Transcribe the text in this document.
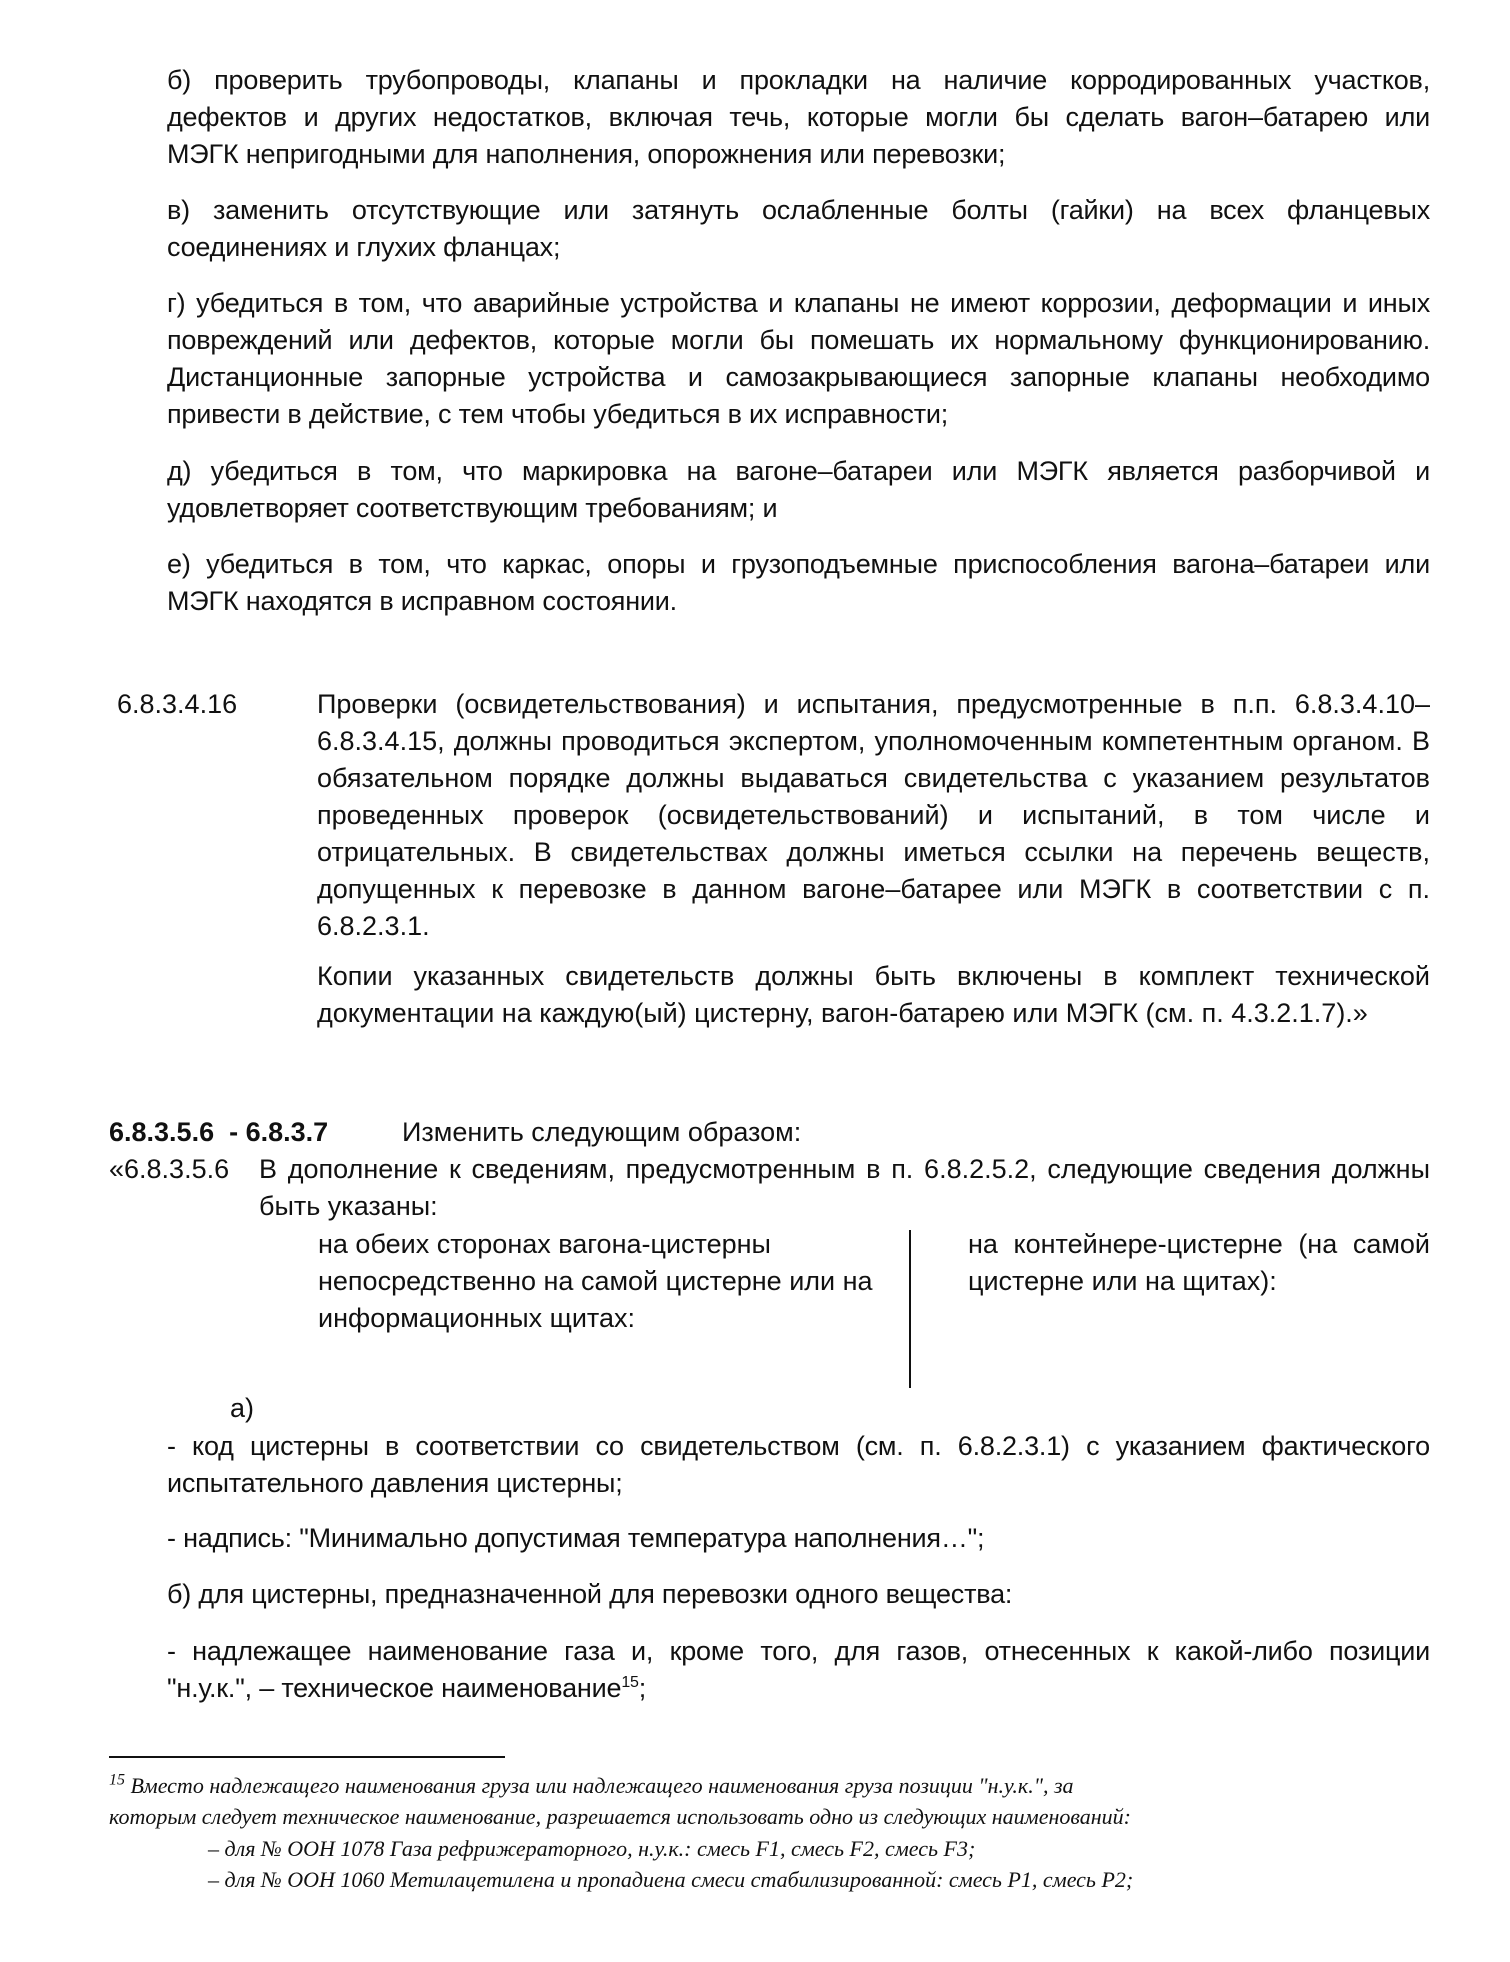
б) проверить трубопроводы, клапаны и прокладки на наличие корродированных участков,
дефектов и других недостатков, включая течь, которые могли бы сделать вагон–батарею или
МЭГК непригодными для наполнения, опорожнения или перевозки;
в) заменить отсутствующие или затянуть ослабленные болты (гайки) на всех фланцевых
соединениях и глухих фланцах;
г) убедиться в том, что аварийные устройства и клапаны не имеют коррозии, деформации и иных
повреждений или дефектов, которые могли бы помешать их нормальному функционированию.
Дистанционные запорные устройства и самозакрывающиеся запорные клапаны необходимо
привести в действие, с тем чтобы убедиться в их исправности;
д) убедиться в том, что маркировка на вагоне–батареи или МЭГК является разборчивой и
удовлетворяет соответствующим требованиям; и
е) убедиться в том, что каркас, опоры и грузоподъемные приспособления вагона–батареи или
МЭГК находятся в исправном состоянии.
6.8.3.4.16	Проверки (освидетельствования) и испытания, предусмотренные в п.п. 6.8.3.4.10–
6.8.3.4.15, должны проводиться экспертом, уполномоченным компетентным органом. В
обязательном порядке должны выдаваться свидетельства с указанием результатов
проведенных проверок (освидетельствований) и испытаний, в том числе и
отрицательных. В свидетельствах должны иметься ссылки на перечень веществ,
допущенных к перевозке в данном вагоне–батарее или МЭГК в соответствии с п.
6.8.2.3.1.
Копии указанных свидетельств должны быть включены в комплект технической
документации на каждую(ый) цистерну, вагон-батарею или МЭГК (см. п. 4.3.2.1.7).»
6.8.3.5.6  - 6.8.3.7	Изменить следующим образом:
«6.8.3.5.6 В дополнение к сведениям, предусмотренным в п. 6.8.2.5.2, следующие сведения должны
быть указаны:
на обеих сторонах вагона-цистерны
непосредственно на самой цистерне или на
информационных щитах:
на контейнере-цистерне (на самой
цистерне или на щитах):
а)
- код цистерны в соответствии со свидетельством (см. п. 6.8.2.3.1) с указанием фактического
испытательного давления цистерны;
- надпись: "Минимально допустимая температура наполнения…";
б) для цистерны, предназначенной для перевозки одного вещества:
- надлежащее наименование газа и, кроме того, для газов, отнесенных к какой-либо позиции
"н.у.к.", – техническое наименование$^{15}$;
$^{15}$ Вместо надлежащего наименования груза или надлежащего наименования груза позиции "н.у.к.", за
которым следует техническое наименование, разрешается использовать одно из следующих наименований:
– для № ООН 1078 Газа рефрижераторного, н.у.к.: смесь F1, смесь F2, смесь F3;
– для № ООН 1060 Метилацетилена и пропадиена смеси стабилизированной: смесь P1, смесь P2;
